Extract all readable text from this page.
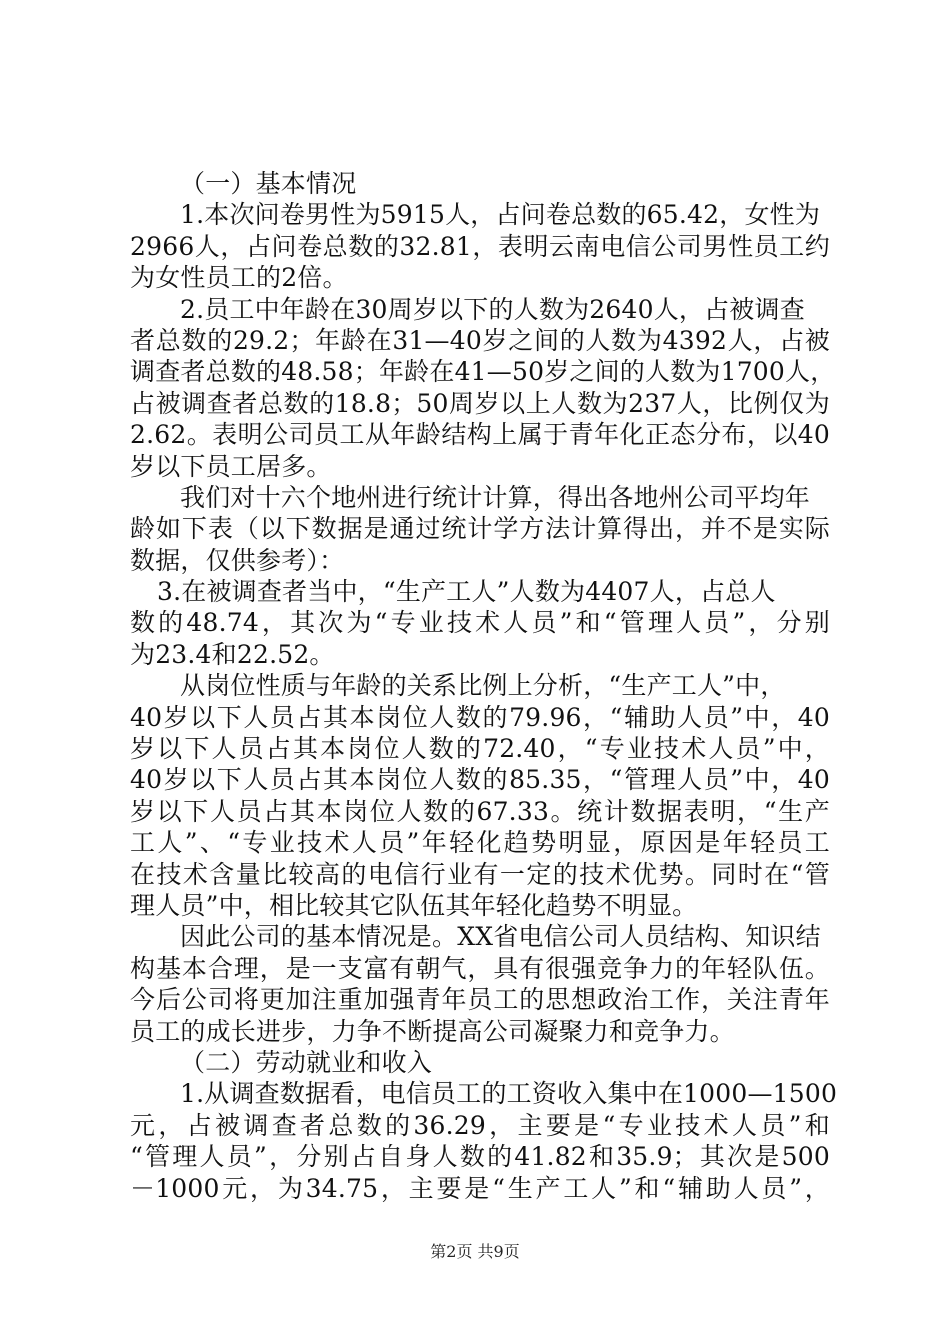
（一）基本情况
1.本次问卷男性为5915人，占问卷总数的65.42，女性为
2966人，占问卷总数的32.81，表明云南电信公司男性员工约
为女性员工的2倍。
2.员工中年龄在30周岁以下的人数为2640人，占被调查
者总数的29.2；年龄在31—40岁之间的人数为4392人，占被
调查者总数的48.58；年龄在41—50岁之间的人数为1700人，
占被调查者总数的18.8；50周岁以上人数为237人，比例仅为
2.62。表明公司员工从年龄结构上属于青年化正态分布，以40
岁以下员工居多。
我们对十六个地州进行统计计算，得出各地州公司平均年
龄如下表（以下数据是通过统计学方法计算得出，并不是实际
数据，仅供参考）：
3.在被调查者当中，“生产工人”人数为4407人，占总人
数的48.74，其次为“专业技术人员”和“管理人员”，分别
为23.4和22.52。
从岗位性质与年龄的关系比例上分析，“生产工人”中，
40岁以下人员占其本岗位人数的79.96，“辅助人员”中，40
岁以下人员占其本岗位人数的72.40，“专业技术人员”中，
40岁以下人员占其本岗位人数的85.35，“管理人员”中，40
岁以下人员占其本岗位人数的67.33。统计数据表明，“生产
工人”、“专业技术人员”年轻化趋势明显，原因是年轻员工
在技术含量比较高的电信行业有一定的技术优势。同时在“管
理人员”中，相比较其它队伍其年轻化趋势不明显。
因此公司的基本情况是。XX省电信公司人员结构、知识结
构基本合理，是一支富有朝气，具有很强竞争力的年轻队伍。
今后公司将更加注重加强青年员工的思想政治工作，关注青年
员工的成长进步，力争不断提高公司凝聚力和竞争力。
（二）劳动就业和收入
1.从调查数据看，电信员工的工资收入集中在1000—1500
元，占被调查者总数的36.29，主要是“专业技术人员”和
“管理人员”，分别占自身人数的41.82和35.9；其次是500
－1000元，为34.75，主要是“生产工人”和“辅助人员”，
第2页 共9页
